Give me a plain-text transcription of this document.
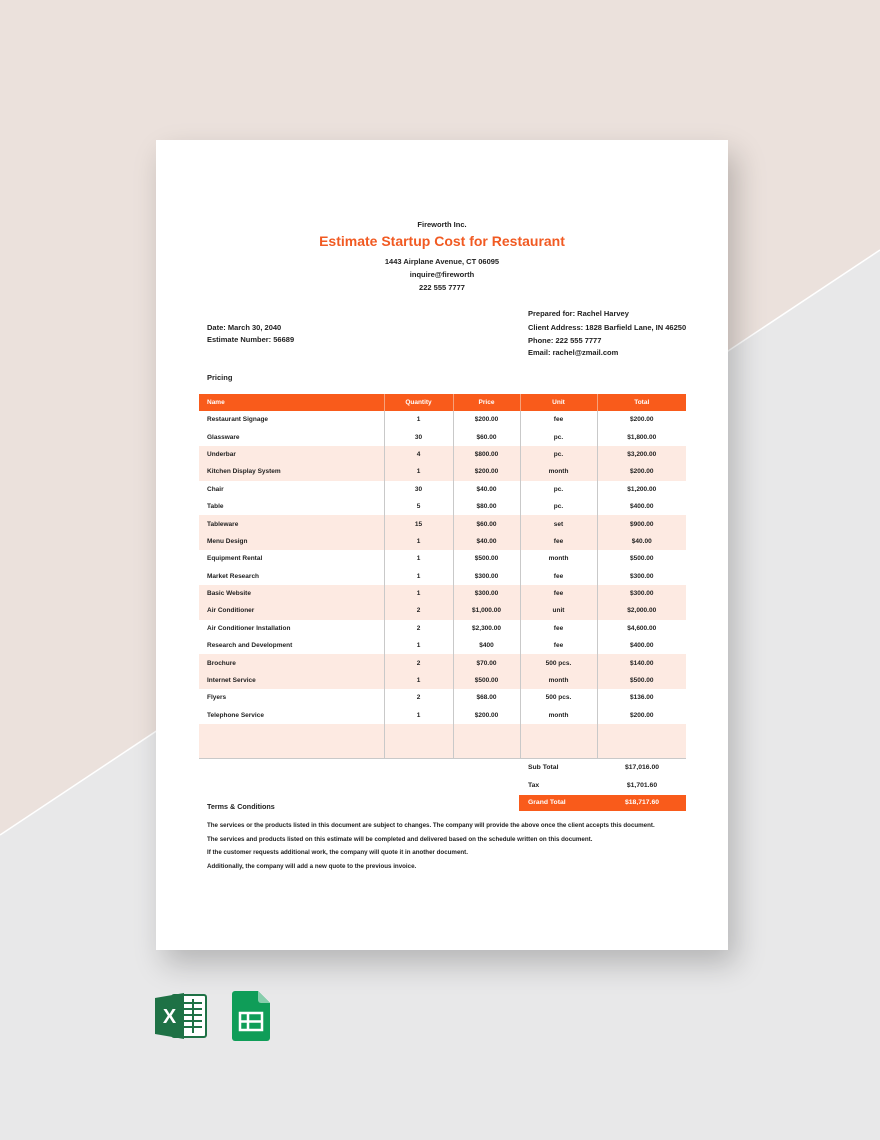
Fireworth Inc.
Estimate Startup Cost for Restaurant
1443 Airplane Avenue, CT 06095
inquire@fireworth
222 555 7777
Date: March 30, 2040
Estimate Number: 56689
Prepared for: Rachel Harvey
Client Address: 1828 Barfield Lane, IN 46250
Phone: 222 555 7777
Email: rachel@zmail.com
Pricing
Name	Quantity	Price	Unit	Total
Restaurant Signage	1	$200.00	fee	$200.00
Glassware	30	$60.00	pc.	$1,800.00
Underbar	4	$800.00	pc.	$3,200.00
Kitchen Display System	1	$200.00	month	$200.00
Chair	30	$40.00	pc.	$1,200.00
Table	5	$80.00	pc.	$400.00
Tableware	15	$60.00	set	$900.00
Menu Design	1	$40.00	fee	$40.00
Equipment Rental	1	$500.00	month	$500.00
Market Research	1	$300.00	fee	$300.00
Basic Website	1	$300.00	fee	$300.00
Air Conditioner	2	$1,000.00	unit	$2,000.00
Air Conditioner Installation	2	$2,300.00	fee	$4,600.00
Research and Development	1	$400	fee	$400.00
Brochure	2	$70.00	500 pcs.	$140.00
Internet Service	1	$500.00	month	$500.00
Flyers	2	$68.00	500 pcs.	$136.00
Telephone Service	1	$200.00	month	$200.00

Sub Total	$17,016.00
Tax	$1,701.60
Grand Total	$18,717.60
Terms & Conditions
The services or the products listed in this document are subject to changes. The company will provide the above once the client accepts this document.
The services and products listed on this estimate will be completed and delivered based on the schedule written on this document.
If the customer requests additional work, the company will quote it in another document.
Additionally, the company will add a new quote to the previous invoice.
X
